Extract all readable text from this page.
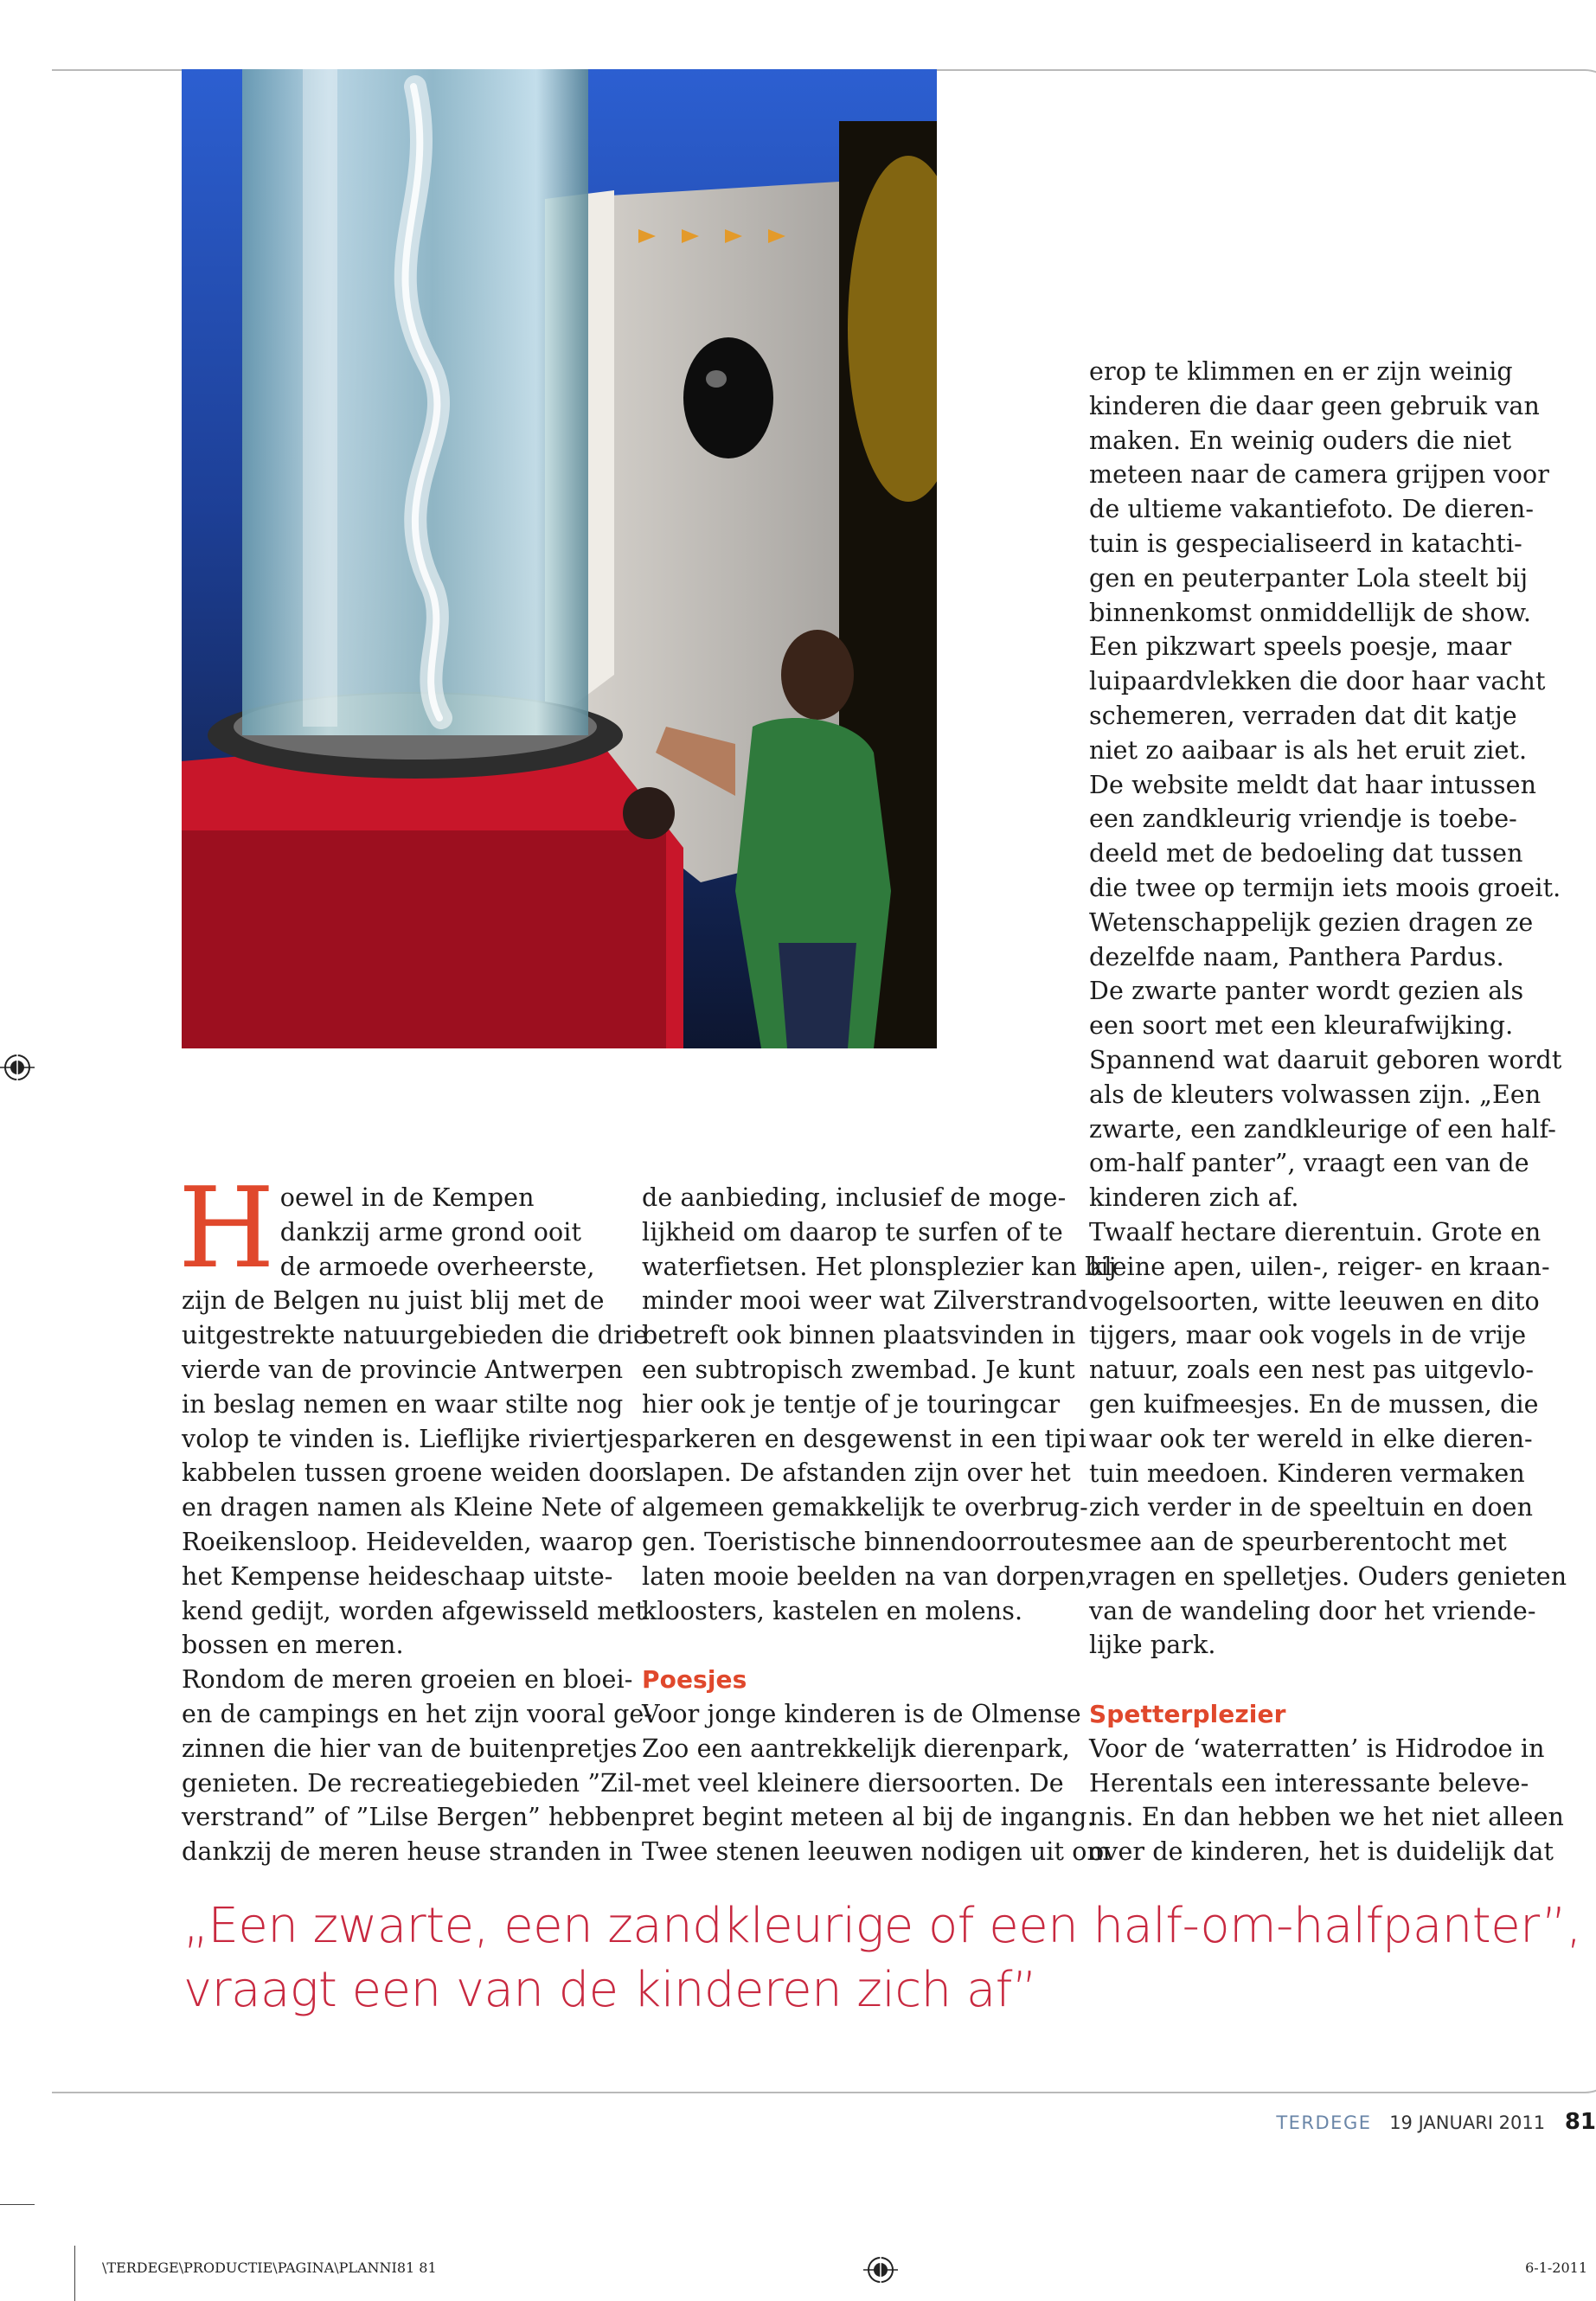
H oewel in de Kempen

dankzij arme grond ooit

de armoede overheerste,

zijn de Belgen nu juist blij met de

uitgestrekte natuurgebieden die drie

vierde van de provincie Antwerpen

in beslag nemen en waar stilte nog

volop te vinden is. Lieflijke riviertjes

kabbelen tussen groene weiden door

en dragen namen als Kleine Nete of

Roeikensloop. Heidevelden, waarop

het Kempense heideschaap uitste-

kend gedijt, worden afgewisseld met

bossen en meren.

Rondom de meren groeien en bloei-

en de campings en het zijn vooral ge-

zinnen die hier van de buitenpretjes

genieten. De recreatiegebieden ”Zil-

verstrand” of ”Lilse Bergen” hebben

dankzij de meren heuse stranden in

de aanbieding, inclusief de moge-

lijkheid om daarop te surfen of te

waterfietsen. Het plonsplezier kan bij

minder mooi weer wat Zilverstrand

betreft ook binnen plaatsvinden in

een subtropisch zwembad. Je kunt

hier ook je tentje of je touringcar

parkeren en desgewenst in een tipi

slapen. De afstanden zijn over het

algemeen gemakkelijk te overbrug-

gen. Toeristische binnendoorroutes

laten mooie beelden na van dorpen,

kloosters, kastelen en molens.

Poesjes

Voor jonge kinderen is de Olmense

Zoo een aantrekkelijk dierenpark,

met veel kleinere diersoorten. De

pret begint meteen al bij de ingang.

Twee stenen leeuwen nodigen uit om

erop te klimmen en er zijn weinig

kinderen die daar geen gebruik van

maken. En weinig ouders die niet

meteen naar de camera grijpen voor

de ultieme vakantiefoto. De dieren-

tuin is gespecialiseerd in katachti-

gen en peuterpanter Lola steelt bij

binnenkomst onmiddellijk de show.

Een pikzwart speels poesje, maar

luipaardvlekken die door haar vacht

schemeren, verraden dat dit katje

niet zo aaibaar is als het eruit ziet.

De website meldt dat haar intussen

een zandkleurig vriendje is toebe-

deeld met de bedoeling dat tussen

die twee op termijn iets moois groeit.

Wetenschappelijk gezien dragen ze

dezelfde naam, Panthera Pardus.

De zwarte panter wordt gezien als

een soort met een kleurafwijking.

Spannend wat daaruit geboren wordt

als de kleuters volwassen zijn. „Een

zwarte, een zandkleurige of een half-

om-half panter”, vraagt een van de

kinderen zich af.

Twaalf hectare dierentuin. Grote en

kleine apen, uilen-, reiger- en kraan-

vogelsoorten, witte leeuwen en dito

tijgers, maar ook vogels in de vrije

natuur, zoals een nest pas uitgevlo-

gen kuifmeesjes. En de mussen, die

waar ook ter wereld in elke dieren-

tuin meedoen. Kinderen vermaken

zich verder in de speeltuin en doen

mee aan de speurberentocht met

vragen en spelletjes. Ouders genieten

van de wandeling door het vriende-

lijke park.

Spetterplezier

Voor de ‘waterratten’ is Hidrodoe in

Herentals een interessante beleve-

nis. En dan hebben we het niet alleen

over de kinderen, het is duidelijk dat

„Een zwarte, een zandkleurige of een half-om-halfpanter”,

vraagt een van de kinderen zich af”

TERDEGE 19 JANUARI 2011 81
\TERDEGE\PRODUCTIE\PAGINA\PLANNI81 81	6-1-2011
